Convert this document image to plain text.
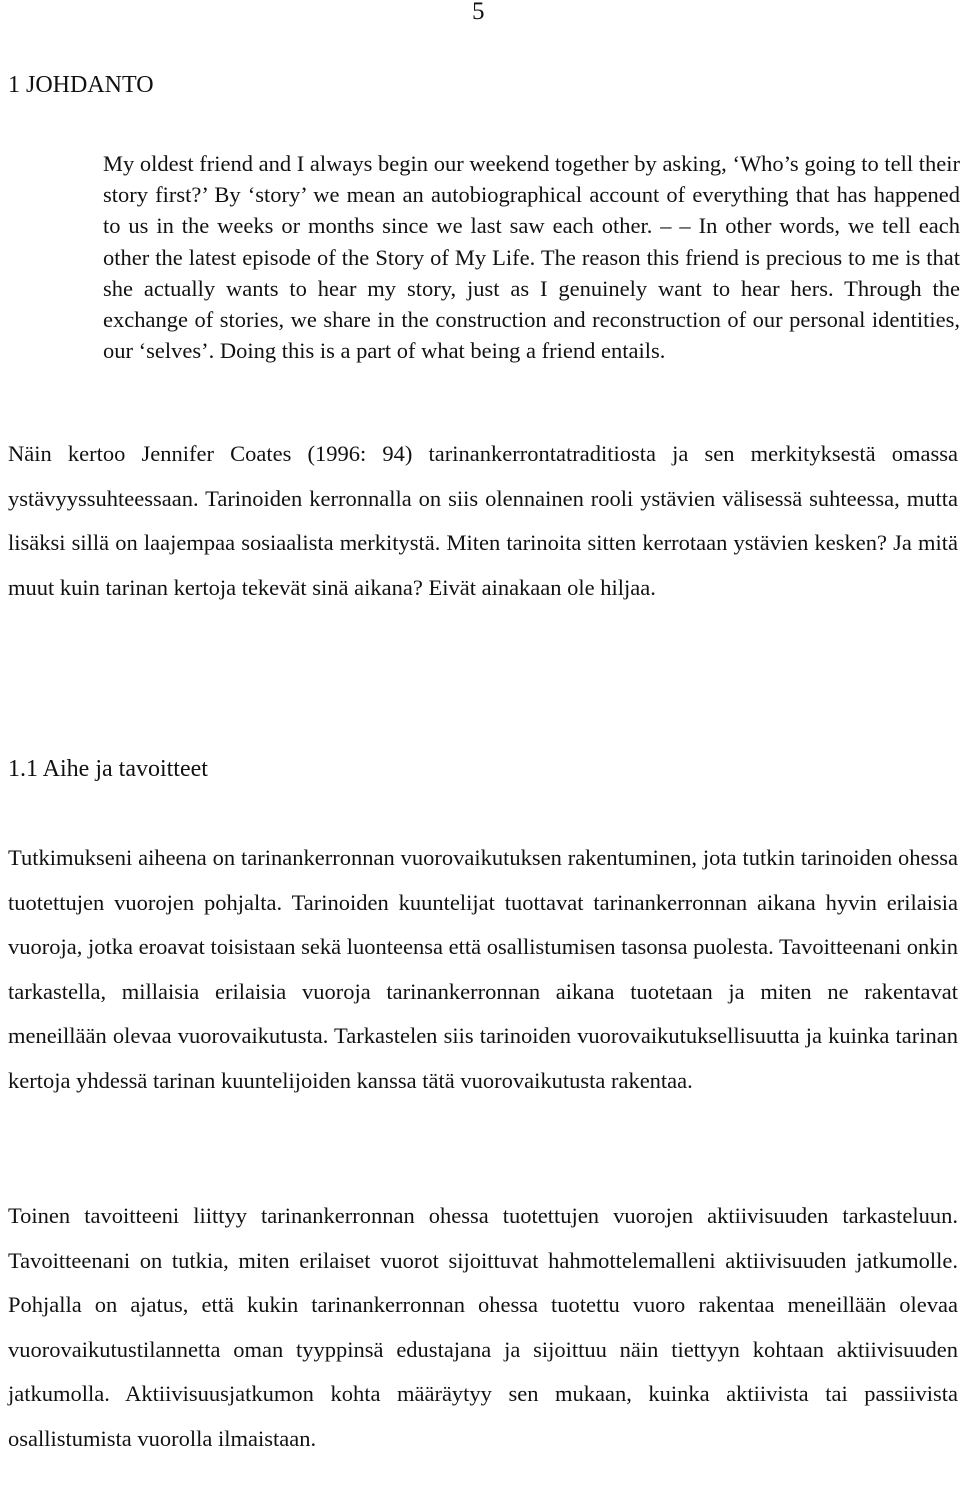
5
1 JOHDANTO

My oldest friend and I always begin our weekend together by asking, ‘Who’s going to tell their story first?’ By ‘story’ we mean an autobiographical account of everything that has happened to us in the weeks or months since we last saw each other. – – In other words, we tell each other the latest episode of the Story of My Life. The reason this friend is precious to me is that she actually wants to hear my story, just as I genuinely want to hear hers. Through the exchange of stories, we share in the construction and reconstruction of our personal identities, our ‘selves’. Doing this is a part of what being a friend entails.

Näin kertoo Jennifer Coates (1996: 94) tarinankerrontatraditiosta ja sen merkityksestä omassa ystävyyssuhteessaan. Tarinoiden kerronnalla on siis olennainen rooli ystävien välisessä suhteessa, mutta lisäksi sillä on laajempaa sosiaalista merkitystä. Miten tarinoita sitten kerrotaan ystävien kesken? Ja mitä muut kuin tarinan kertoja tekevät sinä aikana? Eivät ainakaan ole hiljaa.

1.1 Aihe ja tavoitteet

Tutkimukseni aiheena on tarinankerronnan vuorovaikutuksen rakentuminen, jota tutkin tarinoiden ohessa tuotettujen vuorojen pohjalta. Tarinoiden kuuntelijat tuottavat tarinankerronnan aikana hyvin erilaisia vuoroja, jotka eroavat toisistaan sekä luonteensa että osallistumisen tasonsa puolesta. Tavoitteenani onkin tarkastella, millaisia erilaisia vuoroja tarinankerronnan aikana tuotetaan ja miten ne rakentavat meneillään olevaa vuorovaikutusta. Tarkastelen siis tarinoiden vuorovaikutuksellisuutta ja kuinka tarinan kertoja yhdessä tarinan kuuntelijoiden kanssa tätä vuorovaikutusta rakentaa.

Toinen tavoitteeni liittyy tarinankerronnan ohessa tuotettujen vuorojen aktiivisuuden tarkasteluun. Tavoitteenani on tutkia, miten erilaiset vuorot sijoittuvat hahmottelemalleni aktiivisuuden jatkumolle. Pohjalla on ajatus, että kukin tarinankerronnan ohessa tuotettu vuoro rakentaa meneillään olevaa vuorovaikutustilannetta oman tyyppinsä edustajana ja sijoittuu näin tiettyyn kohtaan aktiivisuuden jatkumolla. Aktiivisuusjatkumon kohta määräytyy sen mukaan, kuinka aktiivista tai passiivista osallistumista vuorolla ilmaistaan.
